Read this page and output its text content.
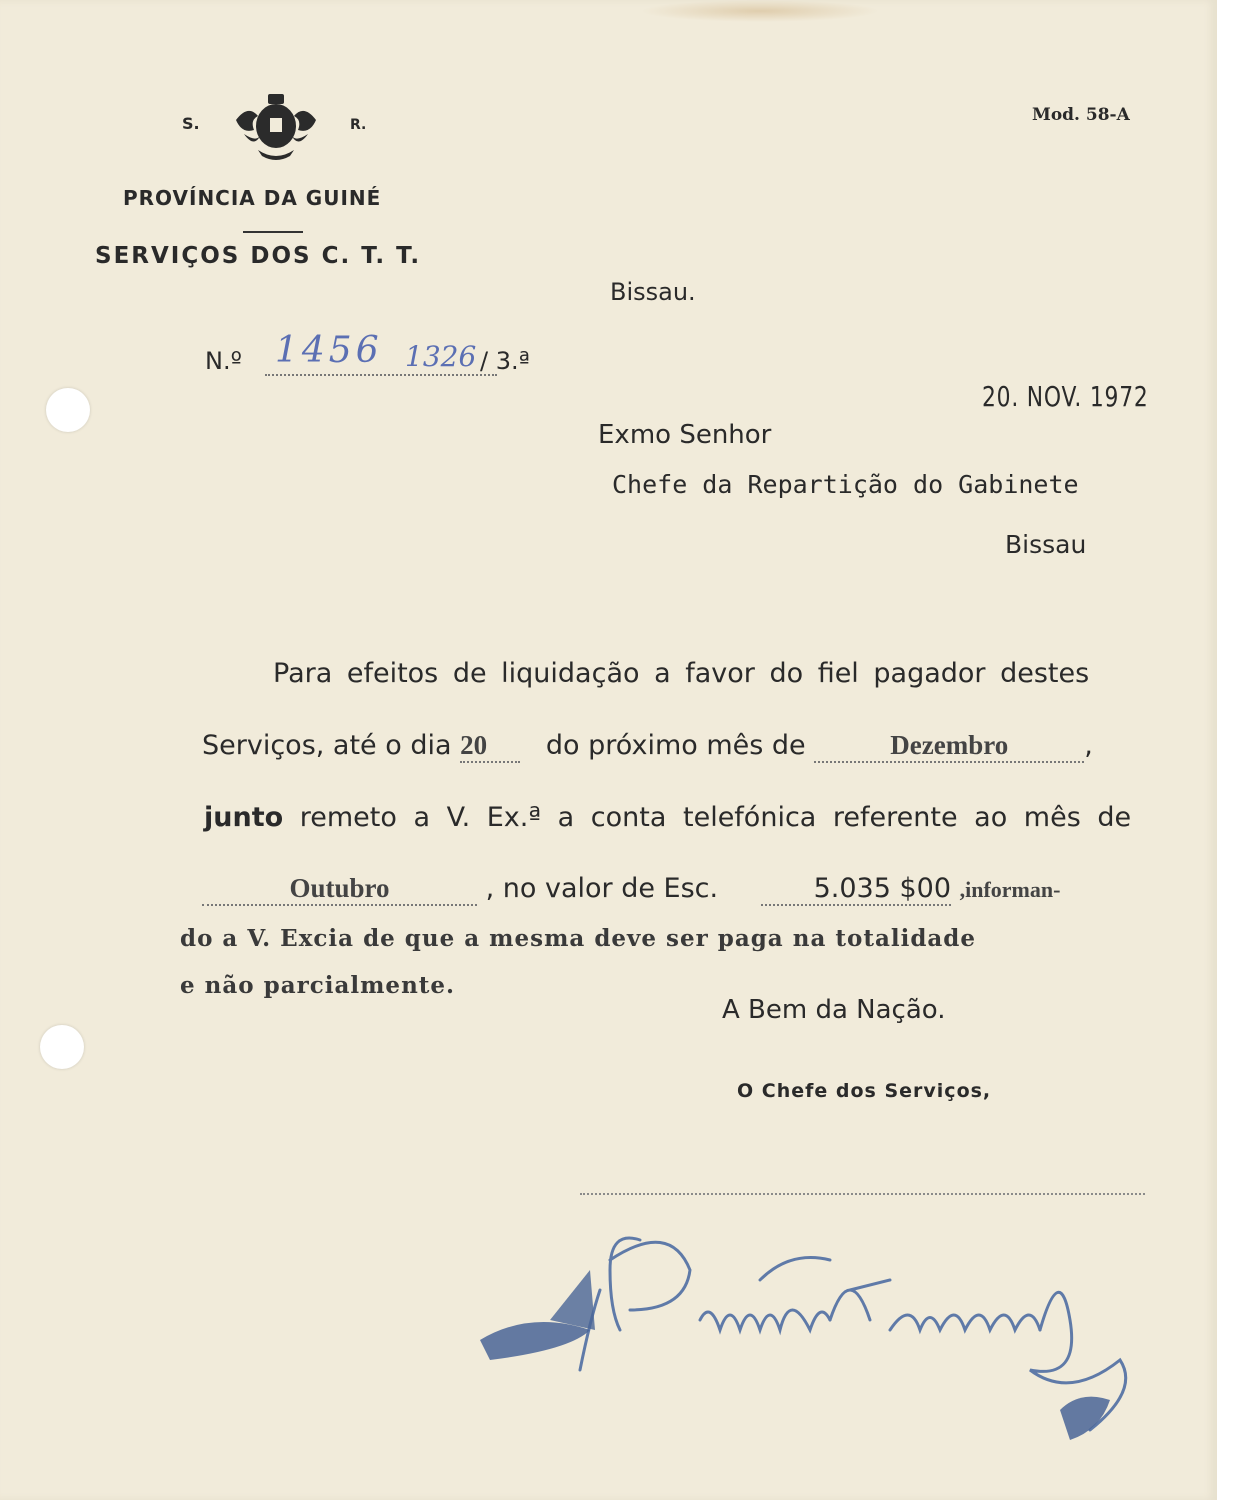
S.	R.	Mod. 58-A
PROVÍNCIA DA GUINÉ
SERVIÇOS DOS C. T. T.
Bissau.
N.º 1456 1326 / 3.ª
20. NOV. 1972
Exmo Senhor
Chefe da Repartição do Gabinete
Bissau
Para efeitos de liquidação a favor do fiel pagador destes
Serviços, até o dia 20 do próximo mês de	Dezembro	,
junto remeto a V. Ex.ª a conta telefónica referente ao mês de
Outubro	, no valor de Esc.	5.035 $00 ,informan-
do a V. Excia de que a mesma deve ser paga na totalidade
e não parcialmente.
A Bem da Nação.
O Chefe dos Serviços,
